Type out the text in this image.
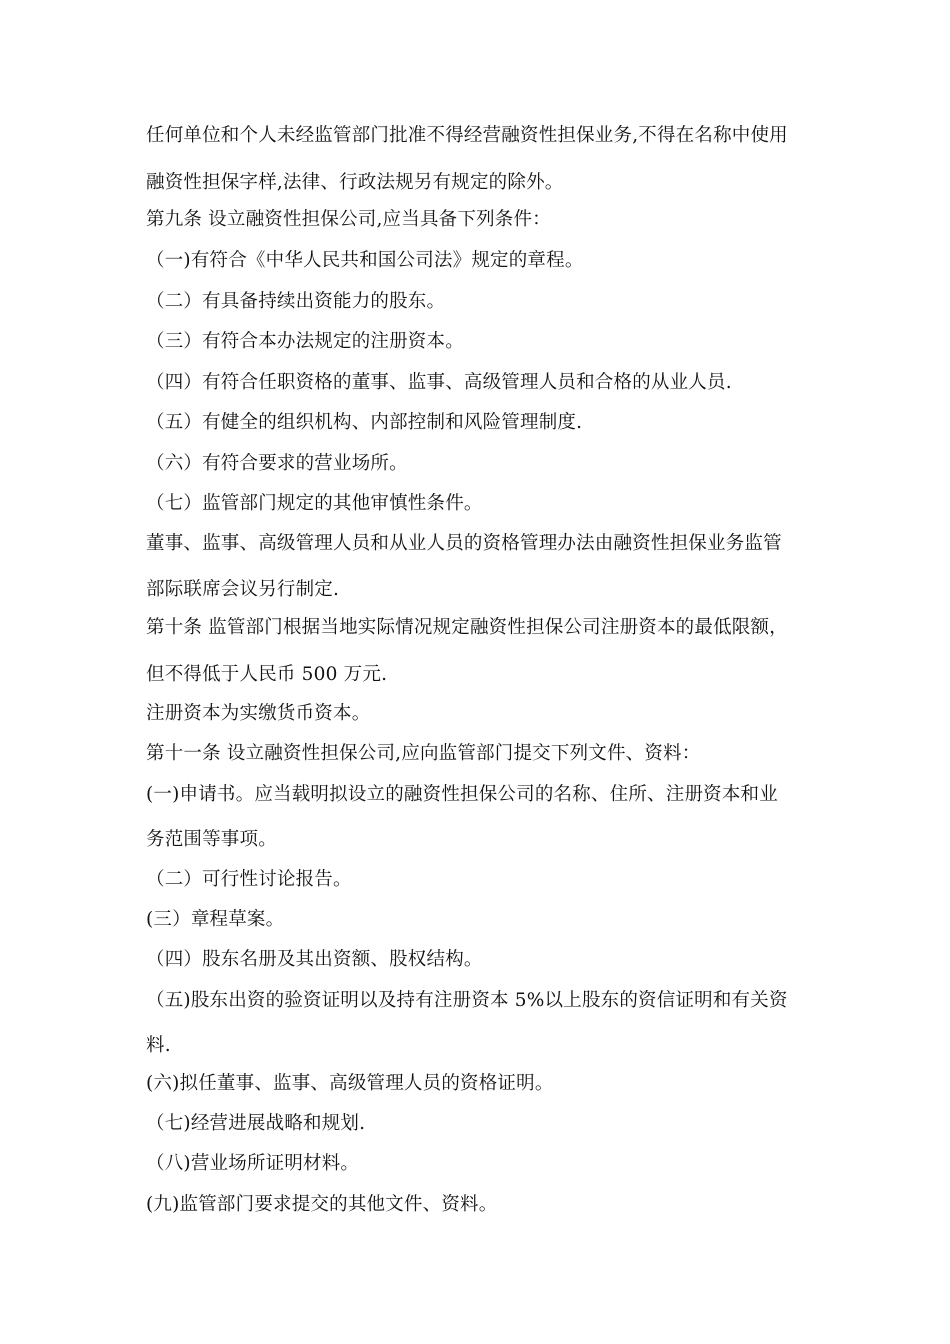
任何单位和个人未经监管部门批准不得经营融资性担保业务,不得在名称中使用
融资性担保字样,法律、行政法规另有规定的除外。
第九条 设立融资性担保公司,应当具备下列条件：
（一)有符合《中华人民共和国公司法》规定的章程。
（二）有具备持续出资能力的股东。
（三）有符合本办法规定的注册资本。
（四）有符合任职资格的董事、监事、高级管理人员和合格的从业人员.
（五）有健全的组织机构、内部控制和风险管理制度.
（六）有符合要求的营业场所。
（七）监管部门规定的其他审慎性条件。
董事、监事、高级管理人员和从业人员的资格管理办法由融资性担保业务监管
部际联席会议另行制定.
第十条 监管部门根据当地实际情况规定融资性担保公司注册资本的最低限额，
但不得低于人民币 500 万元.
注册资本为实缴货币资本。
第十一条 设立融资性担保公司,应向监管部门提交下列文件、资料：
(一)申请书。应当载明拟设立的融资性担保公司的名称、住所、注册资本和业
务范围等事项。
（二）可行性讨论报告。
(三）章程草案。
（四）股东名册及其出资额、股权结构。
（五)股东出资的验资证明以及持有注册资本 5%以上股东的资信证明和有关资
料.
(六)拟任董事、监事、高级管理人员的资格证明。
（七)经营进展战略和规划.
（八)营业场所证明材料。
(九)监管部门要求提交的其他文件、资料。
